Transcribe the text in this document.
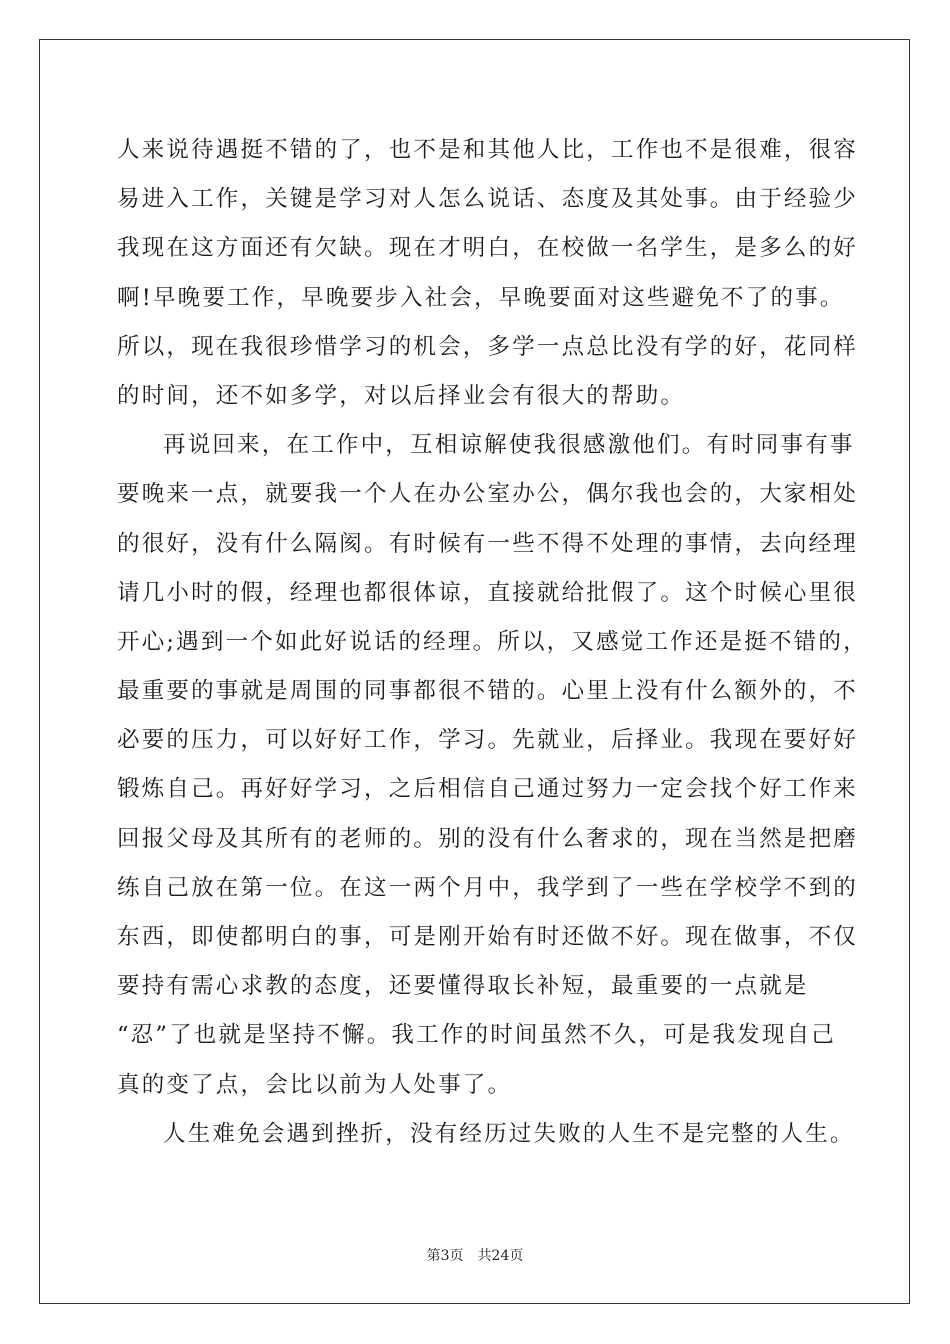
人来说待遇挺不错的了，也不是和其他人比，工作也不是很难，很容
易进入工作，关键是学习对人怎么说话、态度及其处事。由于经验少
我现在这方面还有欠缺。现在才明白，在校做一名学生，是多么的好
啊!早晚要工作，早晚要步入社会，早晚要面对这些避免不了的事。
所以，现在我很珍惜学习的机会，多学一点总比没有学的好，花同样
的时间，还不如多学，对以后择业会有很大的帮助。
再说回来，在工作中，互相谅解使我很感激他们。有时同事有事
要晚来一点，就要我一个人在办公室办公，偶尔我也会的，大家相处
的很好，没有什么隔阂。有时候有一些不得不处理的事情，去向经理
请几小时的假，经理也都很体谅，直接就给批假了。这个时候心里很
开心;遇到一个如此好说话的经理。所以，又感觉工作还是挺不错的，
最重要的事就是周围的同事都很不错的。心里上没有什么额外的，不
必要的压力，可以好好工作，学习。先就业，后择业。我现在要好好
锻炼自己。再好好学习，之后相信自己通过努力一定会找个好工作来
回报父母及其所有的老师的。别的没有什么奢求的，现在当然是把磨
练自己放在第一位。在这一两个月中，我学到了一些在学校学不到的
东西，即使都明白的事，可是刚开始有时还做不好。现在做事，不仅
要持有需心求教的态度，还要懂得取长补短，最重要的一点就是
“忍”了也就是坚持不懈。我工作的时间虽然不久，可是我发现自己
真的变了点，会比以前为人处事了。
人生难免会遇到挫折，没有经历过失败的人生不是完整的人生。
第3页 共24页
